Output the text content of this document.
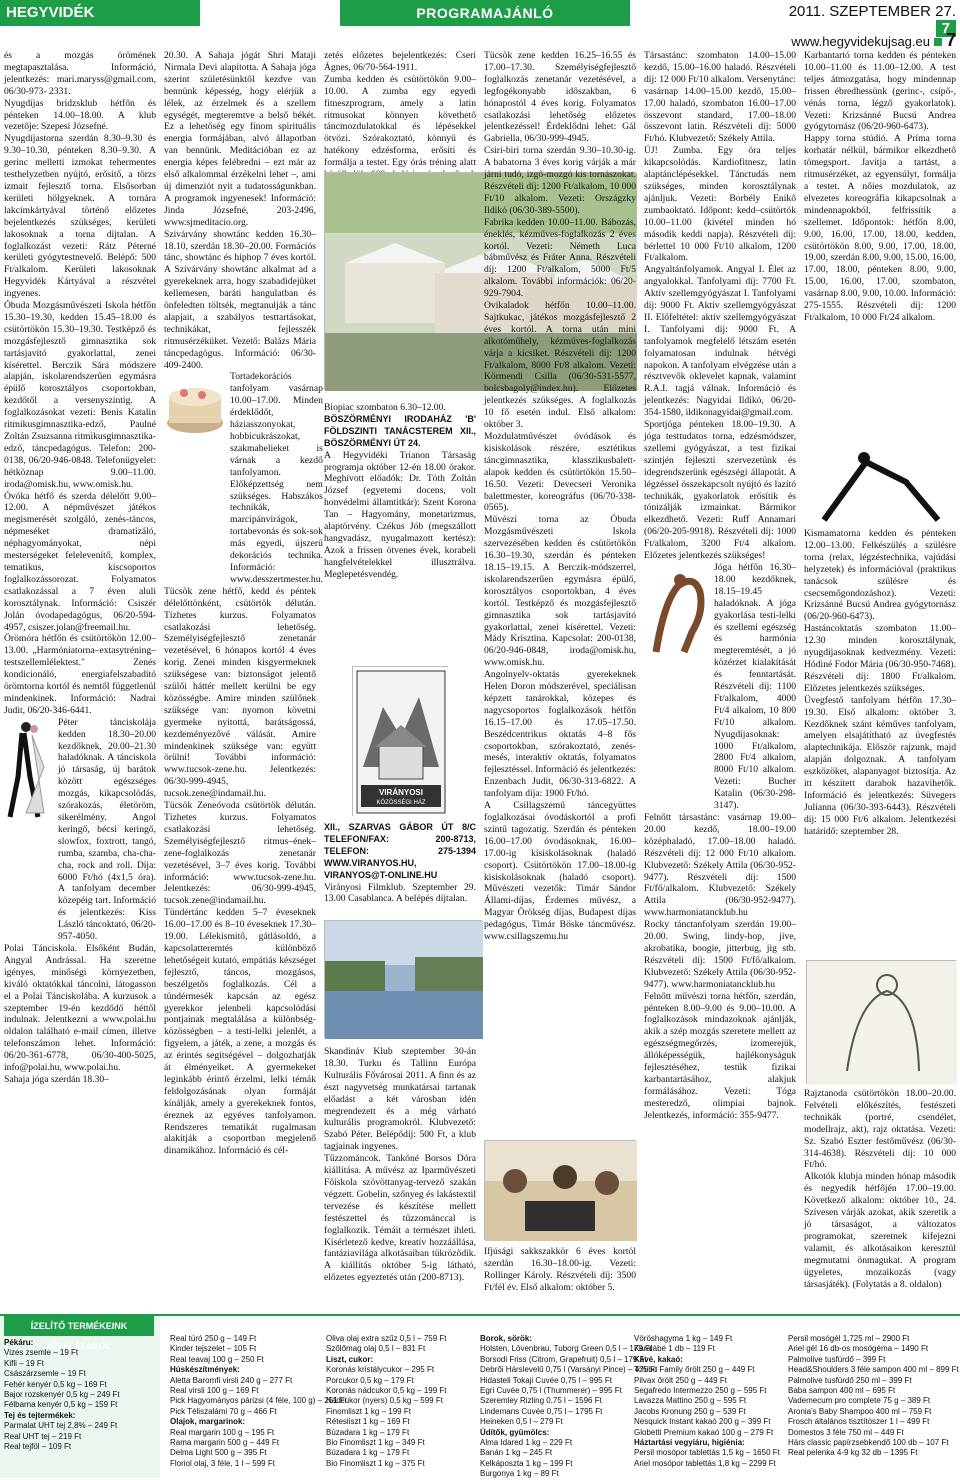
HEGYVIDÉK	PROGRAMAJÁNLÓ	2011. SZEPTEMBER 27.7
www.hegyvidekujsag.eu 7

és a mozgás örömének megtapasztalása. Információ, jelentkezés: mari.maryss@gmail.com, 06/30-973- 2331.

Nyugdíjas bridzsklub hétfőn és pénteken 14.00–18.00. A klub vezetője: Szepesi Józsefné.

Nyugdíjastorna szerdán 8.30–9.30 és 9.30–10.30, pénteken 8.30–9.30. A gerinc melletti izmokat tehermentes testhelyzetben nyújtó, erősítő, a törzs izmait fejlesztő torna. Elsősorban kerületi hölgyeknek. A tornára lakcímkártyával történő előzetes bejelentkezés szükséges, kerületi lakosoknak a torna díjtalan. A foglalkozást vezeti: Rátz Péterné kerületi gyógytestnevelő. Belépő: 500 Ft/alkalom. Kerületi lakosoknak Hegyvidék Kártyával a részvétel ingyenes.

Óbuda Mozgásművészeti Iskola hétfőn 15.30–19.30, kedden 15.45–18.00 és csütörtökön 15.30–19.30. Testképző és mozgásfejlesztő gimnasztika sok tartásjavító gyakorlattal, zenei kísérettel. Berczik Sára módszere alapján, iskolarendszerűen egymásra épülő korosztályos csoportokban, kezdőtől a versenyszintig. A foglalkozásokat vezeti: Benis Katalin ritmikusgimnasztika-edző, Paulné Zoltán Zsuzsanna ritmikusgimnasztika-edző, táncpedagógus. Telefon: 200-0138, 06/20-946-0848. Telefonügyelet: hétköznap 9.00–11.00. iroda@omisk.hu, www.omisk.hu.

Óvóka hétfő és szerda délelőtt 9.00–12.00. A népművészet játékos megismerését szolgáló, zenés-táncos, népmeséket dramatizáló, néphagyományokat, népi mesterségeket felelevenítő, komplex, tematikus, kiscsoportos foglalkozássorozat. Folyamatos csatlakozással a 7 éven aluli korosztálynak. Információ: Csiszér Jolán óvodapedagógus, 06/20-594-4957, csiszer.jolan@freemail.hu.

Örömóra hétfőn és csütörtökön 12.00–13.00. „Harmóniatorna–extasytréning–testszellemlélektest." Zenés kondicionáló, energiafelszabadító örömtorna kortól és nemtől függetlenül mindenkinek. Információ: Nadrai Judit, 06/20-346-6441.

Péter tánciskolája kedden 18.30–20.00 kezdőknek, 20.00–21.30 haladóknak. A tánciskola jó társaság, új barátok között egészséges mozgás, kikapcsolódás, szórakozás, életöröm, sikerélmény. Angol keringő, bécsi keringő, slowfox, foxtrott, tangó, rumba, szamba, cha-cha-cha, rock and roll. Díja: 6000 Ft/hó (4x1,5 óra). A tanfolyam december közepéig tart. Információ és jelentkezés: Kiss László táncoktató, 06/20-957-4050.

Polai Tánciskola. Elsőként Budán, Angyal Andrással. Ha szeretne igényes, minőségi környezetben, kiváló oktatókkal táncolni, látogasson el a Polai Tánciskolába. A kurzusok a szeptember 19-én kezdődő héttől indulnak. Jelentkezni a www.polai.hu oldalon található e-mail címen, illetve telefonszámon lehet. Információ: 06/20-361-6778, 06/30-400-5025, info@polai.hu, www.polai.hu.

Sahaja jóga szerdán 18.30–

20.30. A Sahaja jógát Shri Mataji Nirmala Devi alapította. A Sahaja jóga szerint születésünktől kezdve van bennünk képesség, hogy elérjük a lélek, az érzelmek és a szellem egységét, megteremtve a belső békét. Ez a lehetőség egy finom spirituális energia formájában, alvó állapotban van bennünk. Meditációban ez az energia képes felébredni – ezt már az első alkalommal érzékelni lehet –, ami új dimenziót nyit a tudatosságunkban. A programok ingyenesek! Információ: Jinda Józsefné, 203-2496, www.sjmeditacio.org.

Szivárvány showtánc kedden 16.30–18.10, szerdán 18.30–20.00. Formációs tánc, showtánc és hiphop 7 éves kortól. A Szivárvány showtánc alkalmat ad a gyerekeknek arra, hogy szabadidejüket kellemesen, baráti hangulatban és önfeledten töltsék, megtanulják a tánc alapjait, a szabályos testtartásokat, technikákat, fejlesszék ritmusérzéküket. Vezető: Balázs Mária táncpedagógus. Információ: 06/30-409-2400.

Tortadekorációs tanfolyam vasárnap 10.00–17.00. Minden érdeklődőt, háziasszonyokat, hobbicukrászokat, szakmabelieket is várnak a kezdő tanfolyamon. Előképzettség nem szükséges. Habszákos technikák, marcipánvirágok, tortabevonás és sok-sok más egyedi, újszerű dekorációs technika. Információ: www.desszertmester.hu.

Tücsök zene hétfő, kedd és péntek délelőttönként, csütörtök délután. Tízhetes kurzus. Folyamatos csatlakozási lehetőség. Személyiségfejlesztő zenetanár vezetésével, 6 hónapos kortól 4 éves korig. Zenei minden kisgyermeknek szükségese van: biztonságot jelentő szülői háttér mellett kerülni be egy közösségbe. Amire minden szülőnek szüksége van: nyomon követni gyermeke nyitottá, barátságossá, kezdeményezővé válását. Amire mindenkinek szüksége van: együtt örülni! További információ: www.tucsok-zene.hu. Jelentkezés: 06/30-999-4945, tucsok.zene@indamail.hu.

Tücsök Zeneóvoda csütörtök délután. Tízhetes kurzus. Folyamatos csatlakozási lehetőség. Személyiségfejlesztő ritmus–ének–zene-foglalkozás zenetanár vezetésével, 3–7 éves korig. További információ: www.tucsok-zene.hu. Jelentkezés: 06/30-999-4945, tucsok.zene@indamail.hu.

Tündértánc kedden 5–7 éveseknek 16.00–17.00 és 8–10 éveseknek 17.30–19.00. Lélekismítő, gátlásoldó, a kapcsolatteremtés különböző lehetőségeit kutató, empátiás készséget fejlesztő, táncos, mozgásos, beszélgetős foglalkozás. Cél a tündérmesék kapcsán az egész gyerekkor jelenbeli kapcsolódási pontjainak megtalálása a különbség-közösségben – a testi-lelki jelenlét, a figyelem, a játék, a zene, a mozgás és az érintés segítségével – dolgozhatják át élményeiket. A gyermekeket leginkább érintő érzelmi, lelki témák feldolgozásának olyan formáját kínálják, amely a gyerekeknek fontos, éreznek az egyéves tanfolyamon. Rendszeres tematikát rugalmasan alakítják a csoportban megjelenő dinamikához. Információ és cél-

zetés előzetes bejelentkezés: Cseri Ágnes, 06/70-564-1911.

Zumba kedden és csütörtökön 9.00–10.00. A zumba egy egyedi fitneszprogram, amely a latin ritmusokat könnyen követhető táncmozdulatokkal és lépésekkel ötvözi. Szórakoztató, könnyű és hatékony edzésforma, erősíti és formálja a testet. Egy órás tréning alatt

Biopiac szombaton 6.30–12.00.

BÖSZÖRMÉNYI IRODAHÁZ 'B' FÖLDSZINTI TANÁCSTEREM XII., BÖSZÖRMÉNYI ÚT 24.

A Hegyvidéki Trianon Társaság programja október 12-én 18.00 órakor. Meghívott előadók: Dr. Tóth Zoltán József (egyetemi docens, volt honvédelmi államtitkár): Szent Korona Tan – Hagyomány, monetarizmus, alaptörvény. Czékus Jób (megszállott hangvadász, nyugalmazott kertész): Azok a frissen ötvenes évek, korabeli hangfelvételekkel illusztrálva. Meglepetésvendég.

VIRÁNYOSI
KÖZÖSSÉGI HÁZ

XII., SZARVAS GÁBOR ÚT 8/C TELEFON/FAX: 200-8713, TELEFON: 275-1394 WWW.VIRANYOS.HU, VIRANYOS@T-ONLINE.HU

Virányosi Filmklub. Szeptember 29. 13.00 Casablanca. A belépés díjtalan.

Skandináv Klub szeptember 30-án 18.30. Turku és Tallinn Európa Kulturális Fővárosai 2011. A finn és az észt nagyvetség munkatársai tartanak előadást a két városban idén megrendezett és a még várható kulturális programokról. Klubvezető: Szabó Péter. Belépődíj: 500 Ft, a klub tagjainak ingyenes.

Tűzzománcok. Tankóné Borsos Dóra kiállítása. A művész az Iparművészeti Főiskola szövöttanyag-tervező szakán végzett. Gobelin, szőnyeg és lakástextil tervezése és készítése mellett festészettel és tűzzománccal is foglalkozik. Témáit a természet ihleti. Kísérletező kedve, kreatív hozzáállása, fantáziavilága alkotásaiban tükröződik. A kiállítás október 5-ig látható, előzetes egyeztetés után (200-8713).

Tücsök zene kedden 16.25–16.55 és 17.00–17.30. Személyiségfejlesztő foglalkozás zenetanár vezetésével, a legfogékonyabb időszakban, 6 hónapostól 4 éves korig. Folyamatos csatlakozási lehetőség előzetes jelentkezéssel! Érdeklődni lehet: Gál Gabriella, 06/30-999-4945.

Csiri-biri torna szerdán 9.30–10.30-ig. A babatorna 3 éves korig várják a már járni tudó, izgő-mozgó kis tornászokat. Részvételi díj: 1200 Ft/alkalom, 10 000 Ft/10 alkalom. Vezeti: Országzky Ildikó (06/30-389-5500).

Fabrika kedden 10.00–11.00. Bábozás, éneklés, kézműves-foglalkozás 2 éves kortól. Vezeti: Németh Luca bábművész és Fráter Anna. Részvételi díj: 1200 Ft/alkalom, 5000 Ft/5 alkalom. További információk: 06/20-929-7904.

Ovikaladok hétfőn 10.00–11.00. Sajtkukac, játékos mozgásfejlesztő 2 éves kortól. A torna után mini alkotóműhely, kézműves-foglalkozás várja a kicsiket. Részvételi díj: 1200 Ft/alkalom, 8000 Ft/8 alkalom. Vezeti: Körmendi Csilla (06/30-531-5577, bolcsbagoly@index.hu). Előzetes jelentkezés szükséges. A foglalkozás 10 fő esetén indul. Első alkalom: október 3.

Mozdulatművészet óvódások és kisiskolások részére, esztétikus táncgimnasztika, klasszikusbalett-alapok kedden és csütörtökön 15.50–16.50. Vezeti: Devecseri Veronika balettmester, koreográfus (06/70-338-0565).

Művészi torna az Óbuda Mozgásművészeti Iskola szervezésében kedden és csütörtökön 16.30–19.30, szerdán és pénteken 18.15–19.15. A Berczik-módszerrel, iskolarendszerűen egymásra épülő, korosztályos csoportokban, 4 éves kortól. Testképző és mozgásfejlesztő gimnasztika sok tartásjavító gyakorlattal, zenei kísérettel. Vezeti: Mády Krisztina. Kapcsolat: 200-0138, 06/20-946-0848, iroda@omisk.hu, www.omisk.hu.

Angolnyelv-oktatás gyerekeknek Helen Doron módszerével, speciálisan képzett tanárokkal, közepes és nagycsoportos foglalkozások hétfőn 16.15–17.00 és 17.05–17.50. Beszédcentrikus oktatás 4–8 fős csoportokban, szórakoztató, zenés-mesés, interaktív oktatás, folyamatos fejlesztéssel. Információ és jelentkezés: Enzenbach Judit, 06/30-313-6822. A tanfolyam díja: 1900 Ft/hó.

A Csillagszemű táncegyüttes foglalkozásai óvodáskortól a profi szintű tagozatig. Szerdán és pénteken 16.00–17.00 óvodásoknak, 16.00–17.00-ig kisiskolásoknak (haladó csoport). Csütörtökön 17.00–18.00-ig kisiskolásoknak (haladó csoport). Művészeti vezetők: Timár Sándor Állami-díjas, Érdemes művész, a Magyar Örökség díjas, Budapest díjas pedagógus, Timár Böske táncművész. www.csillagszemu.hu

Ifjúsági sakkszakkör 6 éves kortól szerdán 16.30–18.00-ig. Vezeti: Rollinger Károly. Részvételi díj: 3500 Ft/fél év. Első alkalom: október 5.

Társastánc: szombaton 14.00–15.00 kezdő, 15.00–16.00 haladó. Részvételi díj: 12 000 Ft/10 alkalom. Versenytánc: vasárnap 14.00–15.00 kezdő, 15.00–17.00 haladó, szombaton 16.00–17.00 összevont standard, 17.00–18.00 összevont latin. Részvételi díj: 5000 Ft/hó. Klubvezető: Székely Attila.

ÚJ! Zumba. Egy óra teljes kikapcsolódás. Kardiofitnesz, latin alaptánclépésekkel. Tánctudás nem szükséges, minden korosztálynak ajánljuk. Vezeti: Borbély Enikő zumbaoktató. Időpont: kedd–csütörtök 10.00–11.00 (kivétel minden hó második keddi napja). Részvételi díj: bérlettel 10 000 Ft/10 alkalom, 1200 Ft/alkalom.

Angyaltánfolyamok. Angyal I. Élet az angyalokkal. Tanfolyami díj: 7700 Ft. Aktív szellemgyógyászat I. Tanfolyami díj: 9000 Ft. Aktív szellemgyógyászat II. Előfeltétel: aktív szellemgyógyászat I. Tanfolyami díj: 9000 Ft. A tanfolyamok megfelelő létszám esetén folyamatosan indulnak hétvégi napokon. A tanfolyam elvégzése után a résztvevők oklevelet kapnak, valamint R.A.I. tagjá válnak. Információ és jelentkezés: Nagyidai Ildikó, 06/20-354-1580, ildikonagyidai@gmail.com.

Sportjóga pénteken 18.00–19.30. A jóga testtudatos torna, edzésmódszer, szellemi gyógyászat, a test fizikai szintjén fejleszti szervezetünk és idegrendszerünk egészségi állapotát. A légzéssel összekapcsolt nyújtó és lazító technikák, gyakorlatok erősítik és tónizálják izmainkat. Bármikor elkezdhető. Vezeti: Ruff Annamari (06/20-205-9918). Részvételi díj: 1000 Ft/alkalom, 3200 Ft/4 alkalom. Előzetes jelentkezés szükséges!

Jóga hétfőn 16.30–18.00 kezdőknek, 18.15–19.45 haladóknak. A jóga gyakorlása testi-lelki és szellemi egészség és harmónia megteremtését, a jó közérzet kialakítását és fenntartását. Részvételi díj: 1100 Ft/alkalom, 4000 Ft/4 alkalom, 10 800 Ft/10 alkalom. Nyugdíjasoknak: 1000 Ft/alkalom, 2800 Ft/4 alkalom, 8000 Ft/10 alkalom. Vezeti: Bucher Katalin (06/30-298-3147).

Felnőtt társastánc: vasárnap 19.00–20.00 kezdő, 18.00–19.00 középhaladó, 17.00–18.00 haladó. Részvételi díj: 12 000 Ft/10 alkalom. Klubvezető: Székely Attila (06/30-952-9477). Részvételi díj: 1500 Ft/fő/alkalom. Klubvezető: Székely Attila (06/30-952-9477). www.harmoniatancklub.hu

Rocky tánctanfolyam szerdán 19.00–20.00. Swing, lindy-hop, jive, akrobatika, boogie, jitterbug, jig stb. Részvételi díj: 1500 Ft/fő/alkalom. Klubvezető: Székely Attila (06/30-952-9477). www.harmoniatancklub.hu

Felnőtt művészi torna hétfőn, szerdán, pénteken 8.00–9.00 és 9.00–10.00. A foglalkozások mindazoknak ajánlják, akik a szép mozgás szeretete mellett az egészségmegőrzés, izomerejük, állóképességük, hajlékonyságuk fejlesztéséhez, testük fizikai karbantartásához, alakjuk formálásához. Vezeti: Tóga mesteredző, olimpiai bajnok. Jelentkezés, információ: 355-9477.

Karbantartó torna kedden és pénteken 10.00–11.00 és 11.00–12.00. A test teljes átmozgatása, hogy mindennap frissen ébredhessünk (gerinc-, csípő-, vénás torna, légző gyakorlatok). Vezeti: Krizsánné Bucsú Andrea gyógytornász (06/20-960-6473).

Happy torna stúdió. A Príma torna korhatár nélkül, bármikor elkezdhető tömegsport. Javítja a tartást, a ritmusérzéket, az egyensúlyt, formálja a testet. A nőies mozdulatok, az elvezetes koreográfia kikapcsolnak a mindennapokból, felfrissítik a szellemet. Időpontok: hétfőn 8.00, 9.00, 16.00, 17.00, 18.00, kedden, csütörtökön 8.00, 9.00, 17.00, 18.00, 19.00, szerdán 8.00, 9.00, 15.00, 16.00, 17.00, 18.00, pénteken 8.00, 9.00, 15.00, 16.00, 17.00, szombaton, vasárnap 8.00, 9.00, 10.00. Információ: 275-1555. Részvételi díj: 1200 Ft/alkalom, 10 000 Ft/24 alkalom.

Kismamatorna kedden és pénteken 12.00–13.00. Felkészülés a szülésre torna (relax, légzéstechnika, vajúdási helyzetek) és információval (praktikus tanácsok szülésre és csecsemőgondozáshoz). Vezeti: Krizsánné Bucsú Andrea gyógytornász (06/20-960-6473).

Hastáncoktatás szombaton 11.00–12.30 minden korosztálynak, nyugdíjasoknak kedvezmény. Vezeti: Hódiné Fodor Mária (06/30-950-7468). Részvételi díj: 1800 Ft/alkalom. Előzetes jelentkezés szükséges.

Üvegfestő tanfolyam hétfőn 17.30–19.30. Első alkalom: október 3. Kezdőknek szánt kéműves tanfolyam, amelyen elsajátítható az üvegfestés alaptechnikája. Először rajzunk, majd alapján dolgoznak. A tanfolyam eszközöket, alapanyagot biztosítja. Az itt készített darabok hazavihetők. Információ és jelentkezés: Süvegers Julianna (06/30-393-6443). Részvételi díj: 15 000 Ft/6 alkalom. Jelentkezési határidő: szeptember 28.

Rajztanoda csütörtökön 18.00–20.00. Felvételi előkészítés, festészeti technikák (portré, csendélet, modellrajz, akt), rajz oktatása. Vezeti: Sz. Szabó Eszter festőművész (06/30-314-4638). Részvételi díj: 10 000 Ft/hó.

Alkotók klubja minden hónap második és negyedik hétfőjén 17.00–19.00. Következő alkalom: október 10., 24. Szívesen várják azokat, akik szeretik a jó társaságot, a változatos programokat, szeretnek kifejezni valamit, és alkotásaikon keresztül megmutatni önmagukat. A program ügyeletes, mozaikozás (vagy társasjáték). (Folytatás a 8. oldalon)

ÍZELÍTŐ TERMÉKEINK KÍNÁLATÁBÓL
Pékáru:
Vizes zsemle – 19 Ft
Kifli – 19 Ft
Császárzsemle – 19 Ft
Fehér kenyér 0,5 kg – 169 Ft
Bajor rozskenyér 0,5 kg – 249 Ft
Félbarna kenyér 0,5 kg – 159 Ft
Tej és tejtermékek:
Parmalat UHT tej 2,8% – 249 Ft
Real UHT tej – 219 Ft
Real tejföl – 109 Ft
Real túró 250 g – 149 Ft
Kinder tejszelet – 105 Ft
Real teavaj 100 g – 250 Ft
Húskészítmények:
Aletta Baromfi virsli 240 g – 277 Ft
Real virsli 100 g – 169 Ft
Pick Hagyományos párizsi (4 féle, 100 g) – 251 Ft
Pick Téliszalámi 70 g – 466 Ft
Olajok, margarinok:
Real margarin 100 g – 195 Ft
Rama margarin 500 g – 449 Ft
Delma Light 500 g – 395 Ft
Floriol olaj, 3 féle, 1 l – 599 Ft
Oliva olaj extra szűz 0,5 l – 759 Ft
Szőlőmag olaj 0,5 l – 831 Ft
Liszt, cukor:
Koronás kristálycukor – 295 Ft
Porcukor 0,5 kg – 179 Ft
Koronás nádcukor 0,5 kg – 199 Ft
Nádcukor (nyers) 0,5 kg – 599 Ft
Finomliszt 1 kg – 199 Ft
Rétesliszt 1 kg – 169 Ft
Búzadara 1 kg – 179 Ft
Bio Finomliszt 1 kg – 349 Ft
Búzadara 1 kg – 179 Ft
Bio Finomliszt 1 kg – 375 Ft
Borok, sörök:
Holsten, Lövenbrau, Tuborg Green 0,5 l – 179 Ft
Borsodi Friss (Citrom, Grapefruit) 0,5 l – 179 Ft
Debrői Hárslevelű 0,75 l (Varsányi Pince) – 475 Ft
Hidasteli Tokaji Cuvée 0,75 l – 995 Ft
Egri Cuvée 0,75 l (Thummerer) – 995 Ft
Szeremley Rizling 0,75 l – 1596 Ft
Lindemans Cuvée 0,75 l – 1795 Ft
Heineken 0,5 l – 279 Ft
Üdítők, gyümölcs:
Alma Idared 1 kg – 229 Ft
Banán 1 kg – 245 Ft
Kelkáposzta 1 kg – 199 Ft
Burgonya 1 kg – 89 Ft
Vöröshagyma 1 kg – 149 Ft
Karalábé 1 db – 119 Ft
Kávé, kakaó:
Tchibo Family őrölt 250 g – 449 Ft
Pilvax őrölt 250 g – 449 Ft
Segafredo Intermezzo 250 g – 595 Ft
Lavazza Mattino 250 g – 595 Ft
Jacobs Kronung 250 g – 539 Ft
Nesquick Instant kakaó 200 g – 399 Ft
Globetti Premium kakaó 100 g – 279 Ft
Háztartási vegyiáru, higiénia:
Persil mosópor tablettás 1,5 kg – 1650 Ft
Ariel mosópor tablettás 1,8 kg – 2299 Ft
Persil mosógél 1,725 ml – 2900 Ft
Ariel gél 16 db-os mosógéma – 1490 Ft
Palmolive tusfürdő – 399 Ft
Head&Shoulders 3 féle sampon 400 ml – 899 Ft
Palmolive tusfürdő 250 ml – 399 Ft
Baba sampon 400 ml – 695 Ft
Vademecum pro complete 75 g – 389 Ft
Aronia's Baby Shampoo 400 ml – 759 Ft
Frosch általános tisztítószer 1 l – 499 Ft
Domestos 3 féle 750 ml – 449 Ft
Hárs classic papírzsebkendő 100 db – 107 Ft
Real pelenka 4-9 kg 32 db – 1395 Ft
